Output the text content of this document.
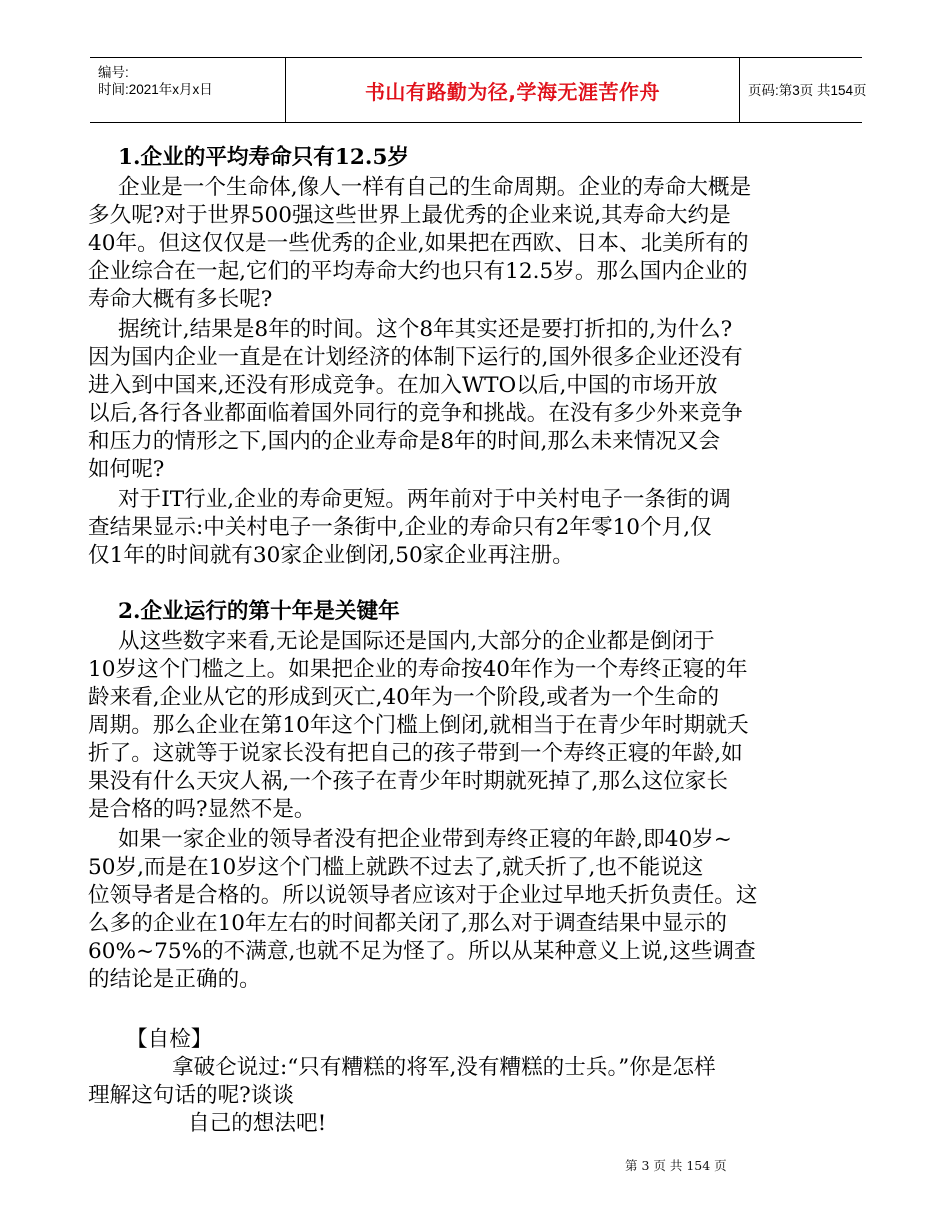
编号:
时间:2021年x月x日	书山有路勤为径,学海无涯苦作舟	页码:第3页 共154页
1.企业的平均寿命只有12.5岁
企业是一个生命体,像人一样有自己的生命周期。企业的寿命大概是
多久呢?对于世界500强这些世界上最优秀的企业来说,其寿命大约是
40年。但这仅仅是一些优秀的企业,如果把在西欧、日本、北美所有的
企业综合在一起,它们的平均寿命大约也只有12.5岁。那么国内企业的
寿命大概有多长呢?
据统计,结果是8年的时间。这个8年其实还是要打折扣的,为什么?
因为国内企业一直是在计划经济的体制下运行的,国外很多企业还没有
进入到中国来,还没有形成竞争。在加入WTO以后,中国的市场开放
以后,各行各业都面临着国外同行的竞争和挑战。在没有多少外来竞争
和压力的情形之下,国内的企业寿命是8年的时间,那么未来情况又会
如何呢?
对于IT行业,企业的寿命更短。两年前对于中关村电子一条街的调
查结果显示:中关村电子一条街中,企业的寿命只有2年零10个月,仅
仅1年的时间就有30家企业倒闭,50家企业再注册。
2.企业运行的第十年是关键年
从这些数字来看,无论是国际还是国内,大部分的企业都是倒闭于
10岁这个门槛之上。如果把企业的寿命按40年作为一个寿终正寝的年
龄来看,企业从它的形成到灭亡,40年为一个阶段,或者为一个生命的
周期。那么企业在第10年这个门槛上倒闭,就相当于在青少年时期就夭
折了。这就等于说家长没有把自己的孩子带到一个寿终正寝的年龄,如
果没有什么天灾人祸,一个孩子在青少年时期就死掉了,那么这位家长
是合格的吗?显然不是。
如果一家企业的领导者没有把企业带到寿终正寝的年龄,即40岁~
50岁,而是在10岁这个门槛上就跌不过去了,就夭折了,也不能说这
位领导者是合格的。所以说领导者应该对于企业过早地夭折负责任。这
么多的企业在10年左右的时间都关闭了,那么对于调查结果中显示的
60%~75%的不满意,也就不足为怪了。所以从某种意义上说,这些调查
的结论是正确的。
【自检】
拿破仑说过:“只有糟糕的将军,没有糟糕的士兵。”你是怎样
理解这句话的呢?谈谈
自己的想法吧!
第 3 页 共 154 页
